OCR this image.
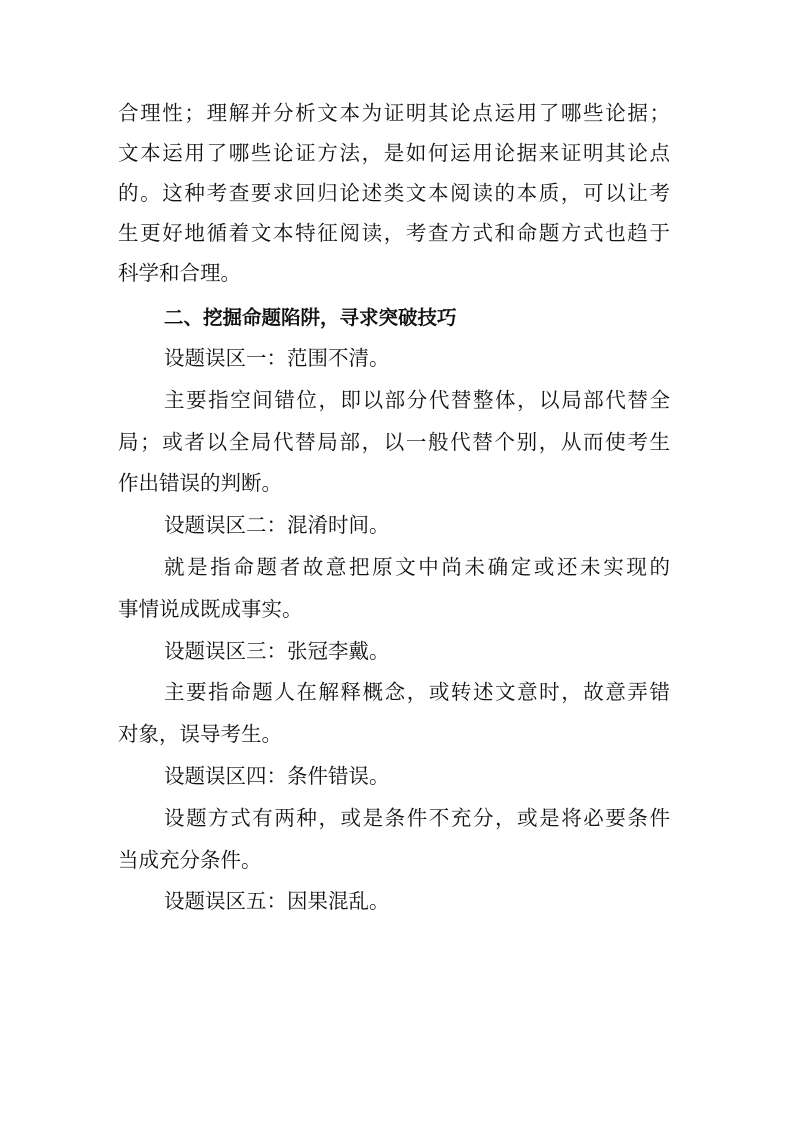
合理性；理解并分析文本为证明其论点运用了哪些论据；
文本运用了哪些论证方法，是如何运用论据来证明其论点
的。这种考查要求回归论述类文本阅读的本质，可以让考
生更好地循着文本特征阅读，考查方式和命题方式也趋于
科学和合理。
二、挖掘命题陷阱，寻求突破技巧
设题误区一：范围不清。
主要指空间错位，即以部分代替整体，以局部代替全
局；或者以全局代替局部，以一般代替个别，从而使考生
作出错误的判断。
设题误区二：混淆时间。
就是指命题者故意把原文中尚未确定或还未实现的
事情说成既成事实。
设题误区三：张冠李戴。
主要指命题人在解释概念，或转述文意时，故意弄错
对象，误导考生。
设题误区四：条件错误。
设题方式有两种，或是条件不充分，或是将必要条件
当成充分条件。
设题误区五：因果混乱。
